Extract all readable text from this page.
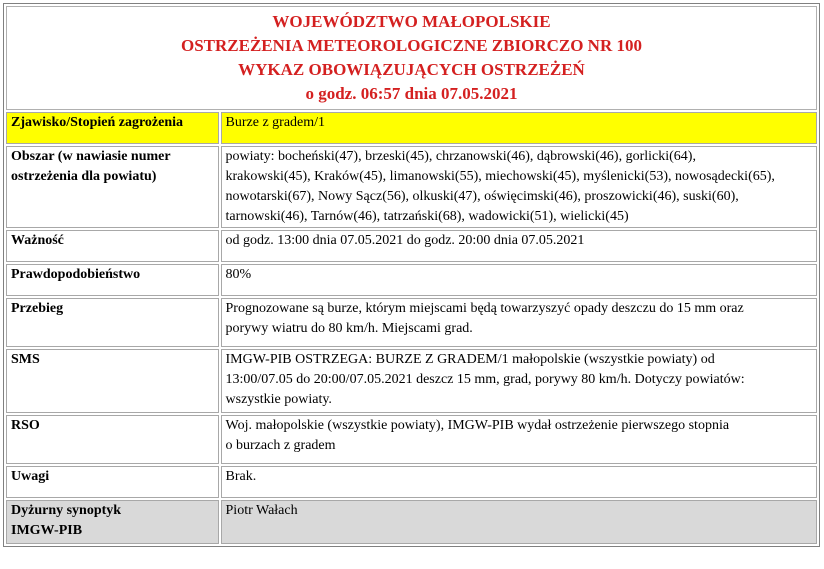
WOJEWÓDZTWO MAŁOPOLSKIE
OSTRZEŻENIA METEOROLOGICZNE ZBIORCZO NR 100
WYKAZ OBOWIĄZUJĄCYCH OSTRZEŻEŃ
o godz. 06:57 dnia 07.05.2021	

Zjawisko/Stopień zagrożenia	Burze z gradem/1
Obszar (w nawiasie numer ostrzeżenia dla powiatu)	powiaty: bocheński(47), brzeski(45), chrzanowski(46), dąbrowski(46), gorlicki(64),
krakowski(45), Kraków(45), limanowski(55), miechowski(45), myślenicki(53), nowosądecki(65),
nowotarski(67), Nowy Sącz(56), olkuski(47), oświęcimski(46), proszowicki(46), suski(60),
tarnowski(46), Tarnów(46), tatrzański(68), wadowicki(51), wielicki(45)

Ważność	od godz. 13:00 dnia 07.05.2021 do godz. 20:00 dnia 07.05.2021
Prawdopodobieństwo	80%
Przebieg	Prognozowane są burze, którym miejscami będą towarzyszyć opady deszczu do 15 mm oraz
porywy wiatru do 80 km/h. Miejscami grad.

SMS	IMGW-PIB OSTRZEGA: BURZE Z GRADEM/1 małopolskie (wszystkie powiaty) od
13:00/07.05 do 20:00/07.05.2021 deszcz 15 mm, grad, porywy 80 km/h. Dotyczy powiatów:
wszystkie powiaty.

RSO	Woj. małopolskie (wszystkie powiaty), IMGW-PIB wydał ostrzeżenie pierwszego stopnia
o burzach z gradem

Uwagi	Brak.

Dyżurny synoptyk
IMGW-PIB	Piotr Wałach
